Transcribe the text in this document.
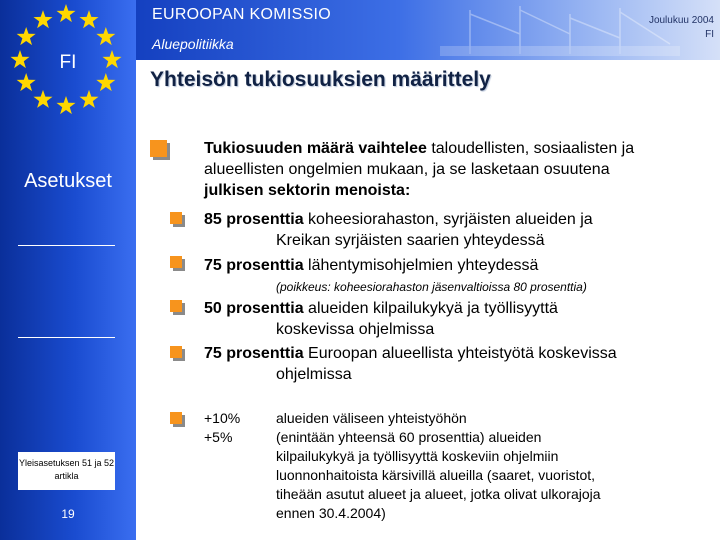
FI
Asetukset
Yleisasetuksen 51 ja 52 artikla
19
EUROOPAN KOMISSIO
Aluepolitiikka
Joulukuu 2004
FI
Yhteisön tukiosuuksien määrittely
Tukiosuuden määrä vaihtelee taloudellisten, sosiaalisten ja alueellisten ongelmien mukaan, ja se lasketaan osuutena julkisen sektorin menoista:
85 prosenttia koheesiorahaston, syrjäisten alueiden ja
Kreikan syrjäisten saarien yhteydessä
75 prosenttia lähentymisohjelmien yhteydessä
(poikkeus: koheesiorahaston jäsenvaltioissa 80 prosenttia)
50 prosenttia alueiden kilpailukykyä ja työllisyyttä
koskevissa ohjelmissa
75 prosenttia Euroopan alueellista yhteistyötä koskevissa
ohjelmissa
+10%
+5%
alueiden väliseen yhteistyöhön
(enintään yhteensä 60 prosenttia) alueiden
kilpailukykyä ja työllisyyttä koskeviin ohjelmiin
luonnonhaitoista kärsivillä alueilla (saaret, vuoristot,
tiheään asutut alueet ja alueet, jotka olivat ulkorajoja
ennen 30.4.2004)
